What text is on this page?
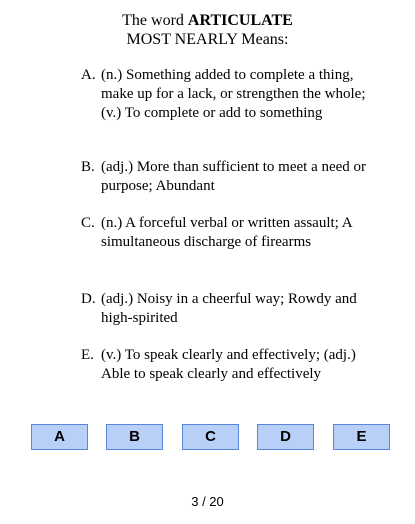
The word ARTICULATE
MOST NEARLY Means:
A. (n.) Something added to complete a thing, make up for a lack, or strengthen the whole; (v.) To complete or add to something
B. (adj.) More than sufficient to meet a need or purpose; Abundant
C. (n.) A forceful verbal or written assault; A simultaneous discharge of firearms
D. (adj.) Noisy in a cheerful way; Rowdy and high-spirited
E. (v.) To speak clearly and effectively; (adj.) Able to speak clearly and effectively
A	B	C	D	E
3 / 20
